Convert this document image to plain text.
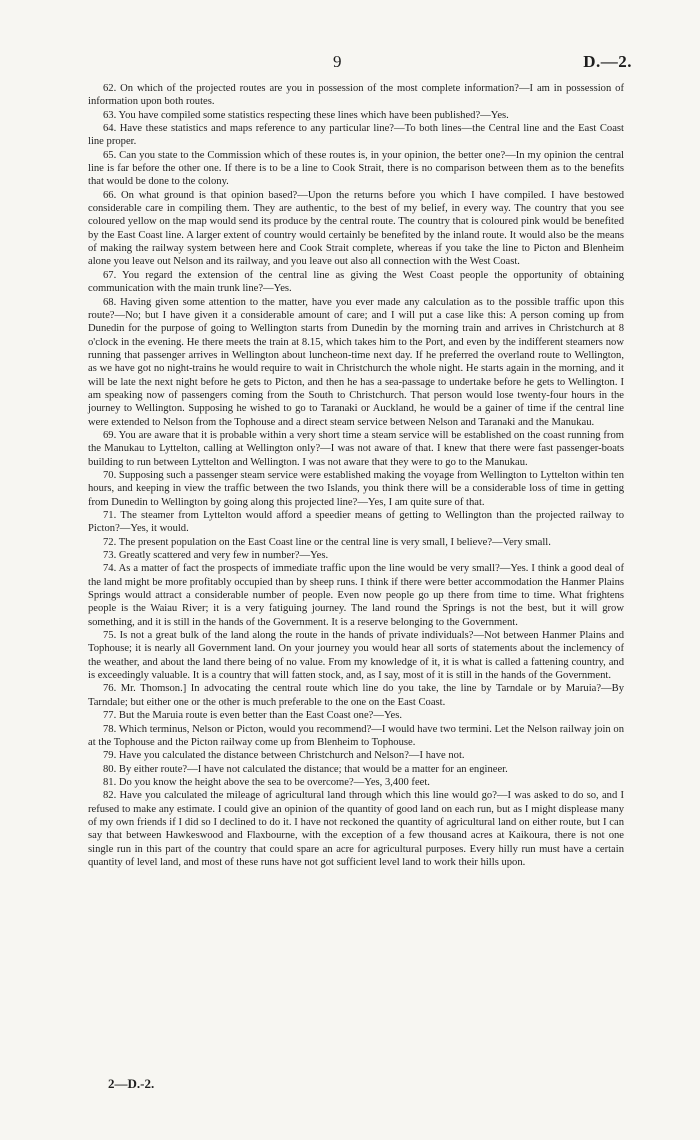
9	D.—2.

62. On which of the projected routes are you in possession of the most complete information?—I am in possession of information upon both routes.

63. You have compiled some statistics respecting these lines which have been published?—Yes.

64. Have these statistics and maps reference to any particular line?—To both lines—the Central line and the East Coast line proper.

65. Can you state to the Commission which of these routes is, in your opinion, the better one?—In my opinion the central line is far before the other one. If there is to be a line to Cook Strait, there is no comparison between them as to the benefits that would be done to the colony.

66. On what ground is that opinion based?—Upon the returns before you which I have compiled. I have bestowed considerable care in compiling them. They are authentic, to the best of my belief, in every way. The country that you see coloured yellow on the map would send its produce by the central route. The country that is coloured pink would be benefited by the East Coast line. A larger extent of country would certainly be benefited by the inland route. It would also be the means of making the railway system between here and Cook Strait complete, whereas if you take the line to Picton and Blenheim alone you leave out Nelson and its railway, and you leave out also all connection with the West Coast.

67. You regard the extension of the central line as giving the West Coast people the opportunity of obtaining communication with the main trunk line?—Yes.

68. Having given some attention to the matter, have you ever made any calculation as to the possible traffic upon this route?—No; but I have given it a considerable amount of care; and I will put a case like this: A person coming up from Dunedin for the purpose of going to Wellington starts from Dunedin by the morning train and arrives in Christchurch at 8 o'clock in the evening. He there meets the train at 8.15, which takes him to the Port, and even by the indifferent steamers now running that passenger arrives in Wellington about luncheon-time next day. If he preferred the overland route to Wellington, as we have got no night-trains he would require to wait in Christchurch the whole night. He starts again in the morning, and it will be late the next night before he gets to Picton, and then he has a sea-passage to undertake before he gets to Wellington. I am speaking now of passengers coming from the South to Christchurch. That person would lose twenty-four hours in the journey to Wellington. Supposing he wished to go to Taranaki or Auckland, he would be a gainer of time if the central line were extended to Nelson from the Tophouse and a direct steam service between Nelson and Taranaki and the Manukau.

69. You are aware that it is probable within a very short time a steam service will be established on the coast running from the Manukau to Lyttelton, calling at Wellington only?—I was not aware of that. I knew that there were fast passenger-boats building to run between Lyttelton and Wellington. I was not aware that they were to go to the Manukau.

70. Supposing such a passenger steam service were established making the voyage from Wellington to Lyttelton within ten hours, and keeping in view the traffic between the two Islands, you think there will be a considerable loss of time in getting from Dunedin to Wellington by going along this projected line?—Yes, I am quite sure of that.

71. The steamer from Lyttelton would afford a speedier means of getting to Wellington than the projected railway to Picton?—Yes, it would.

72. The present population on the East Coast line or the central line is very small, I believe?—Very small.

73. Greatly scattered and very few in number?—Yes.

74. As a matter of fact the prospects of immediate traffic upon the line would be very small?—Yes. I think a good deal of the land might be more profitably occupied than by sheep runs. I think if there were better accommodation the Hanmer Plains Springs would attract a considerable number of people. Even now people go up there from time to time. What frightens people is the Waiau River; it is a very fatiguing journey. The land round the Springs is not the best, but it will grow something, and it is still in the hands of the Government. It is a reserve belonging to the Government.

75. Is not a great bulk of the land along the route in the hands of private individuals?—Not between Hanmer Plains and Tophouse; it is nearly all Government land. On your journey you would hear all sorts of statements about the inclemency of the weather, and about the land there being of no value. From my knowledge of it, it is what is called a fattening country, and is exceedingly valuable. It is a country that will fatten stock, and, as I say, most of it is still in the hands of the Government.

76. Mr. Thomson.] In advocating the central route which line do you take, the line by Tarndale or by Maruia?—By Tarndale; but either one or the other is much preferable to the one on the East Coast.

77. But the Maruia route is even better than the East Coast one?—Yes.

78. Which terminus, Nelson or Picton, would you recommend?—I would have two termini. Let the Nelson railway join on at the Tophouse and the Picton railway come up from Blenheim to Tophouse.

79. Have you calculated the distance between Christchurch and Nelson?—I have not.

80. By either route?—I have not calculated the distance; that would be a matter for an engineer.

81. Do you know the height above the sea to be overcome?—Yes, 3,400 feet.

82. Have you calculated the mileage of agricultural land through which this line would go?—I was asked to do so, and I refused to make any estimate. I could give an opinion of the quantity of good land on each run, but as I might displease many of my own friends if I did so I declined to do it. I have not reckoned the quantity of agricultural land on either route, but I can say that between Hawkeswood and Flaxbourne, with the exception of a few thousand acres at Kaikoura, there is not one single run in this part of the country that could spare an acre for agricultural purposes. Every hilly run must have a certain quantity of level land, and most of these runs have not got sufficient level land to work their hills upon.

2—D.-2.
